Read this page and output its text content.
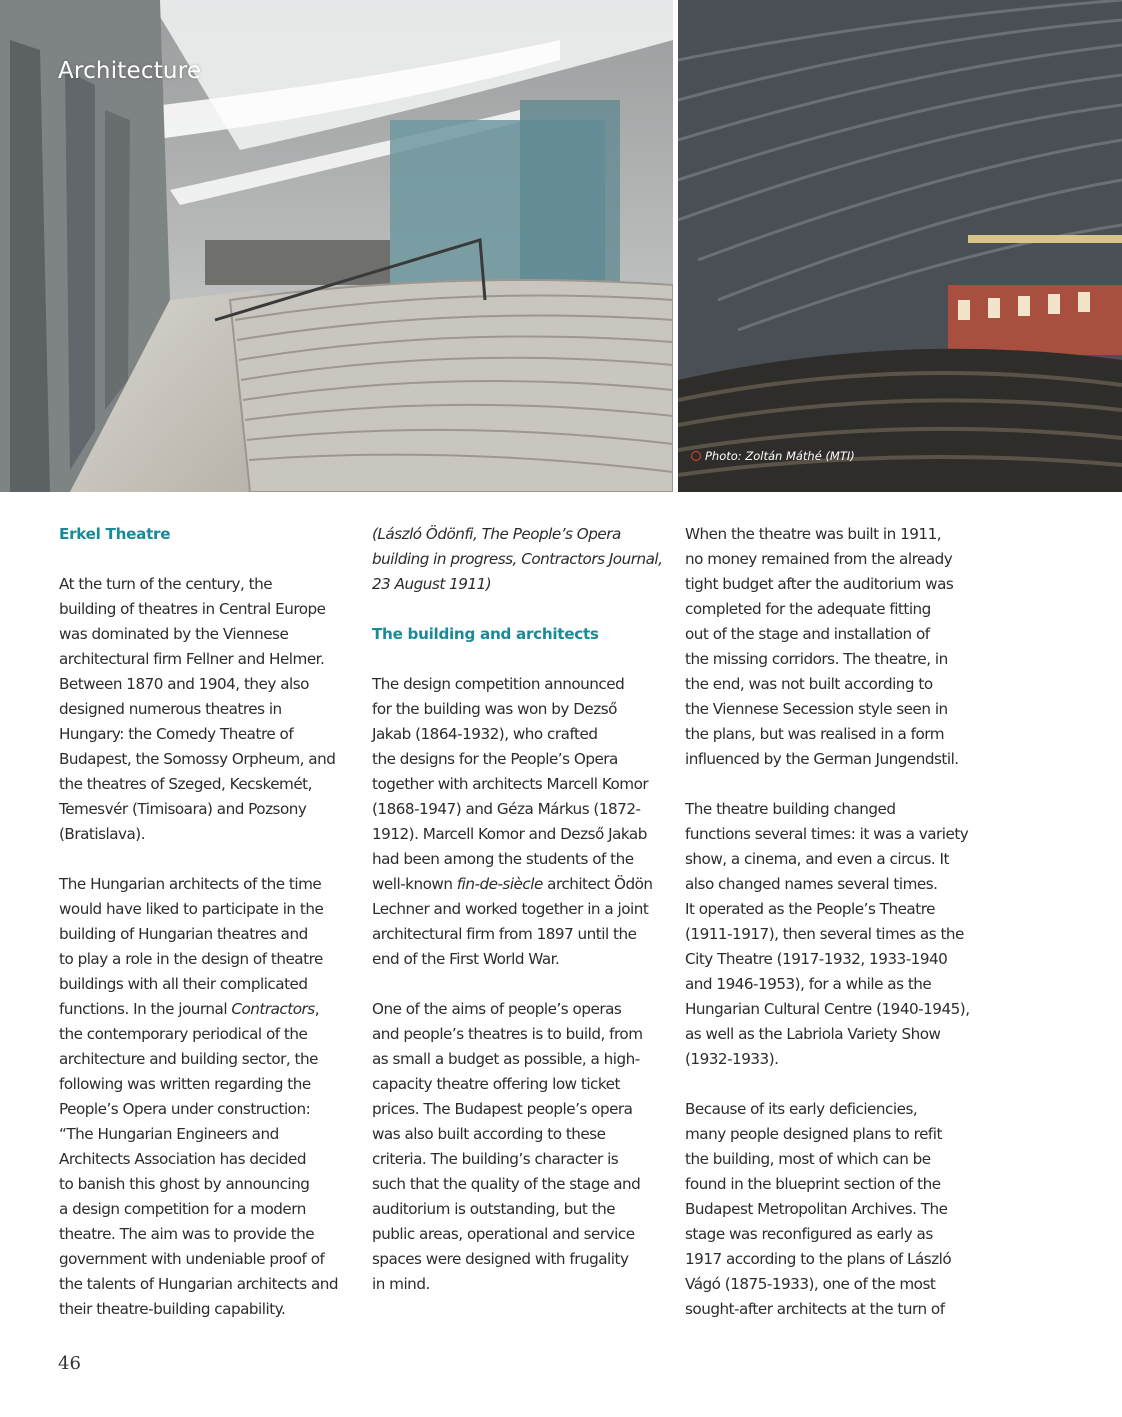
Architecture
Photo: Zoltán Máthé (MTI)
Erkel Theatre

At the turn of the century, the
building of theatres in Central Europe
was dominated by the Viennese
architectural firm Fellner and Helmer.
Between 1870 and 1904, they also
designed numerous theatres in
Hungary: the Comedy Theatre of
Budapest, the Somossy Orpheum, and
the theatres of Szeged, Kecskemét,
Temesvér (Timisoara) and Pozsony
(Bratislava).

The Hungarian architects of the time
would have liked to participate in the
building of Hungarian theatres and
to play a role in the design of theatre
buildings with all their complicated
functions. In the journal Contractors,
the contemporary periodical of the
architecture and building sector, the
following was written regarding the
People’s Opera under construction:
“The Hungarian Engineers and
Architects Association has decided
to banish this ghost by announcing
a design competition for a modern
theatre. The aim was to provide the
government with undeniable proof of
the talents of Hungarian architects and
their theatre-building capability.

(László Ödönfi, The People’s Opera
building in progress, Contractors Journal,
23 August 1911)

The building and architects

The design competition announced
for the building was won by Dezső
Jakab (1864-1932), who crafted
the designs for the People’s Opera
together with architects Marcell Komor
(1868-1947) and Géza Márkus (1872-
1912). Marcell Komor and Dezső Jakab
had been among the students of the
well-known fin-de-siècle architect Ödön
Lechner and worked together in a joint
architectural firm from 1897 until the
end of the First World War.

One of the aims of people’s operas
and people’s theatres is to build, from
as small a budget as possible, a high-
capacity theatre offering low ticket
prices. The Budapest people’s opera
was also built according to these
criteria. The building’s character is
such that the quality of the stage and
auditorium is outstanding, but the
public areas, operational and service
spaces were designed with frugality
in mind.

When the theatre was built in 1911,
no money remained from the already
tight budget after the auditorium was
completed for the adequate fitting
out of the stage and installation of
the missing corridors. The theatre, in
the end, was not built according to
the Viennese Secession style seen in
the plans, but was realised in a form
influenced by the German Jungendstil.

The theatre building changed
functions several times: it was a variety
show, a cinema, and even a circus. It
also changed names several times.
It operated as the People’s Theatre
(1911-1917), then several times as the
City Theatre (1917-1932, 1933-1940
and 1946-1953), for a while as the
Hungarian Cultural Centre (1940-1945),
as well as the Labriola Variety Show
(1932-1933).

Because of its early deficiencies,
many people designed plans to refit
the building, most of which can be
found in the blueprint section of the
Budapest Metropolitan Archives. The
stage was reconfigured as early as
1917 according to the plans of László
Vágó (1875-1933), one of the most
sought-after architects at the turn of

46
